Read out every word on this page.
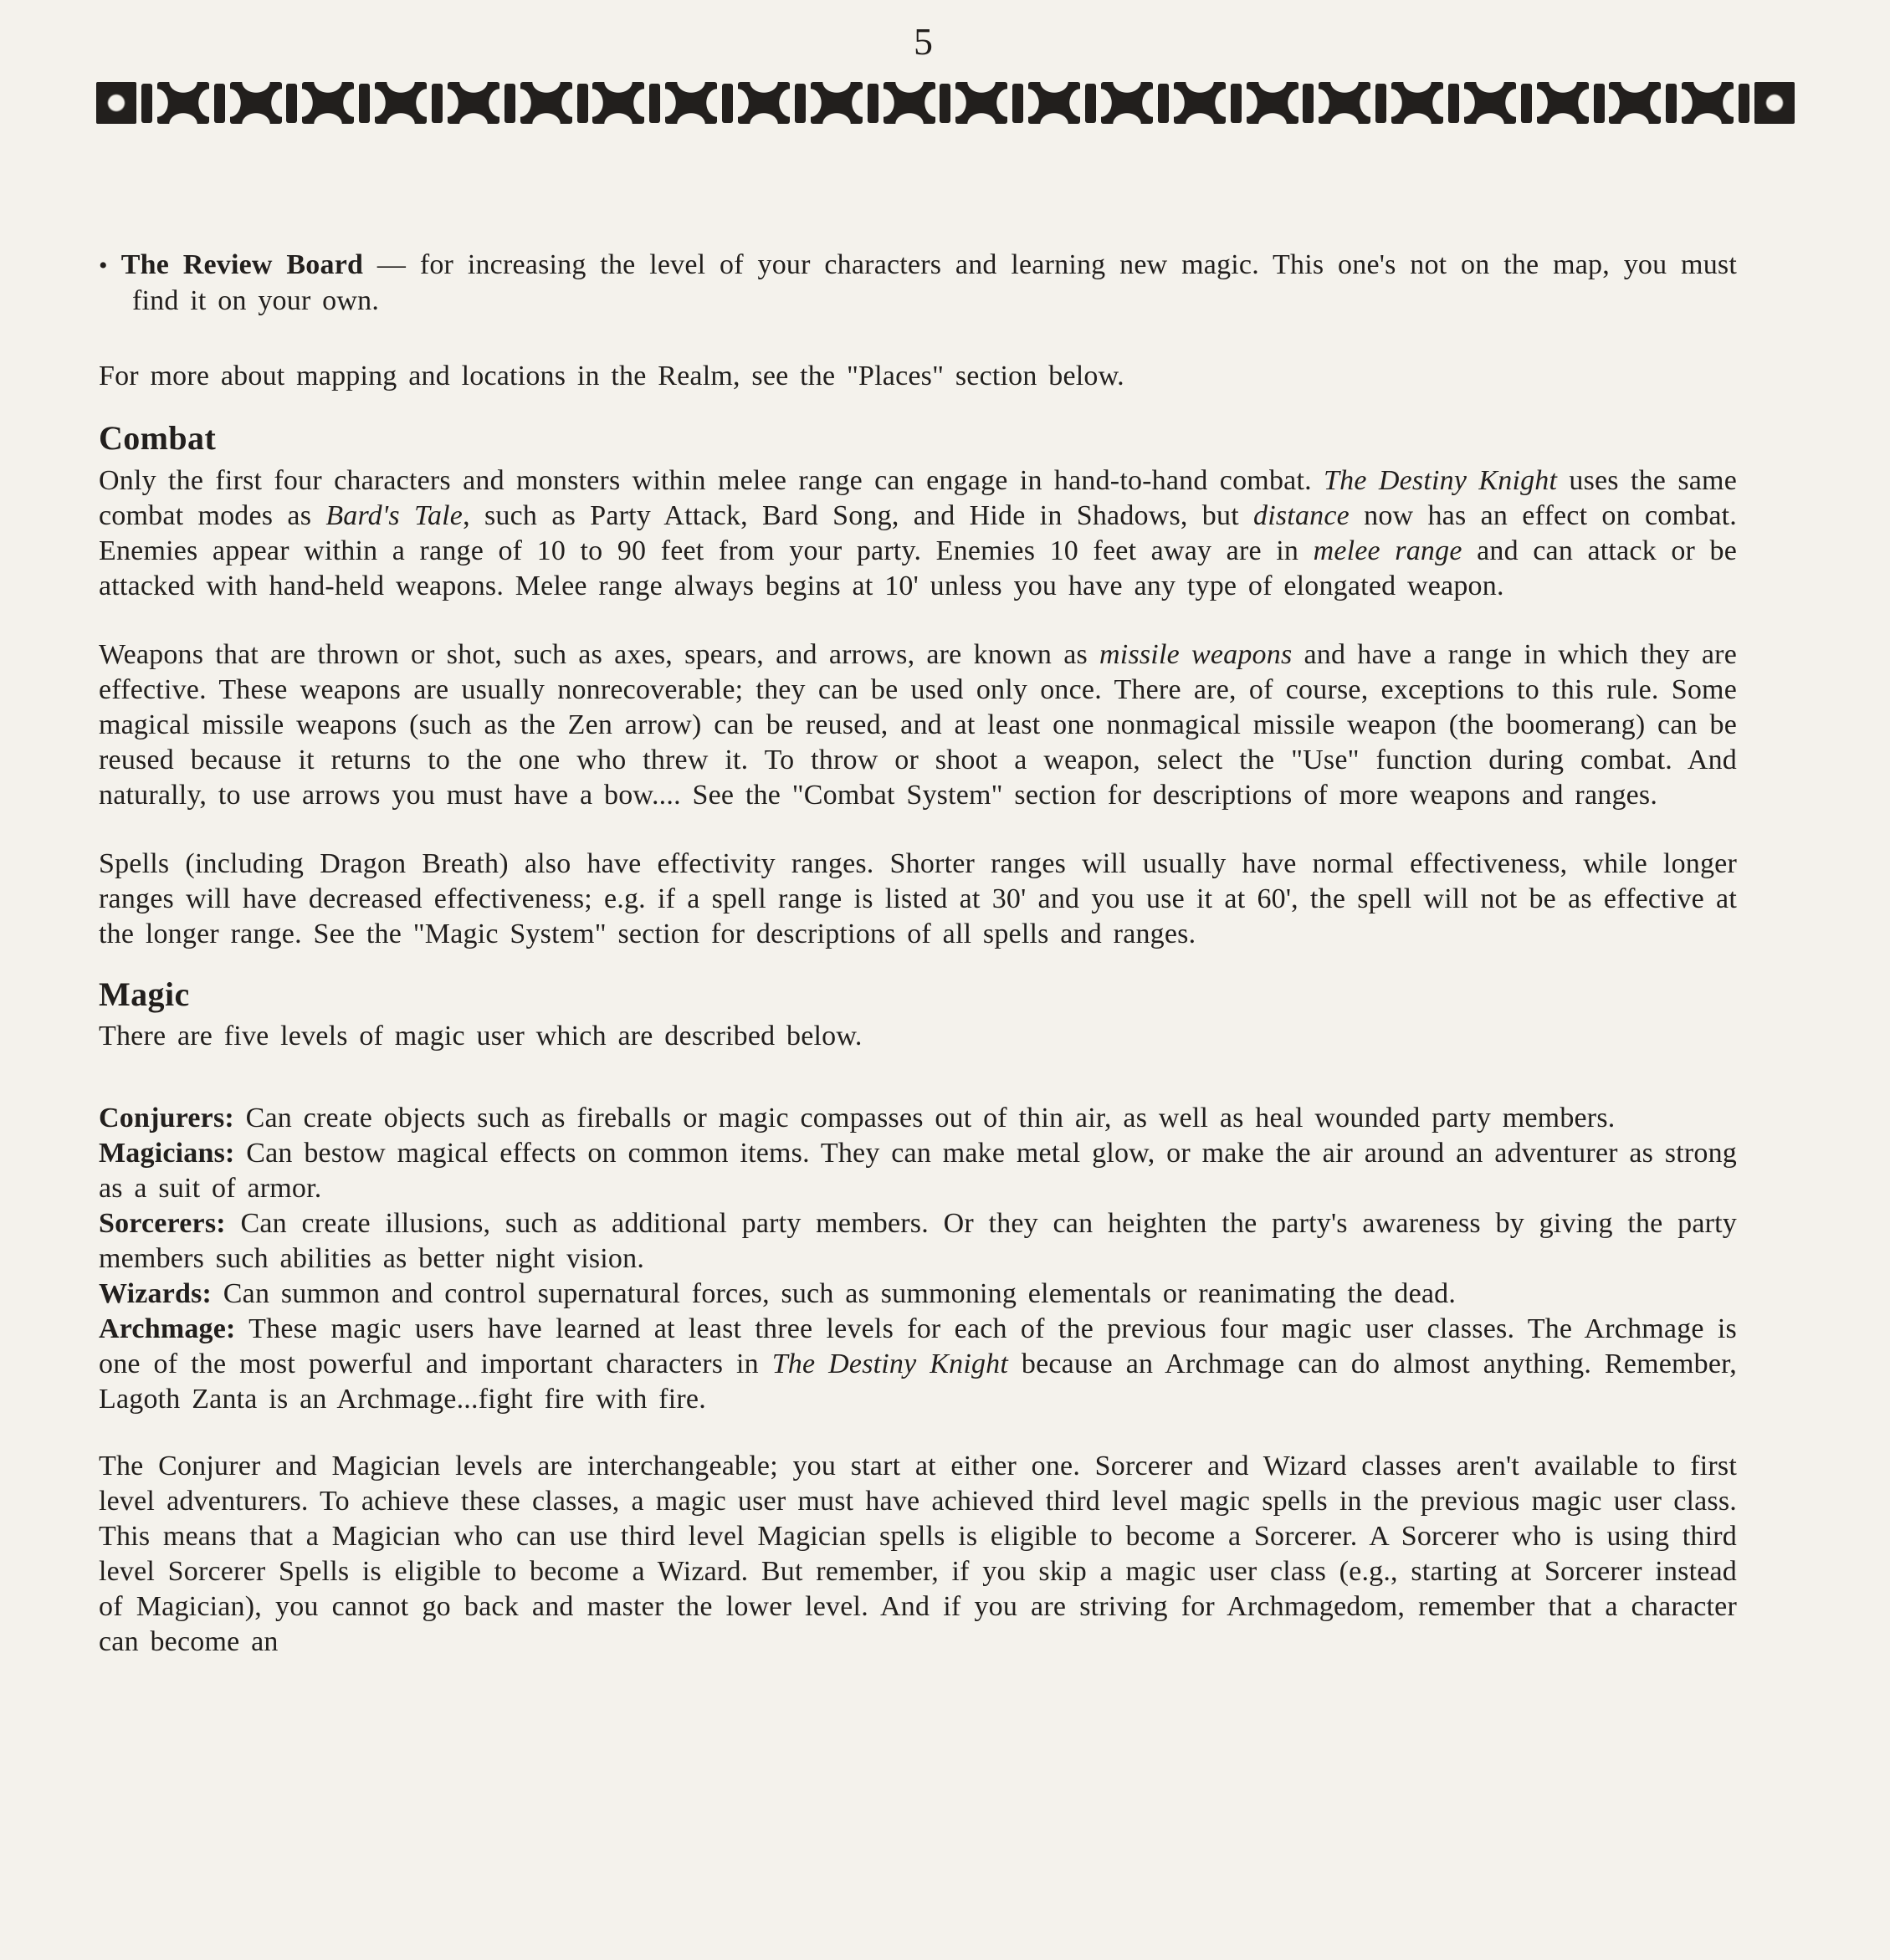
5
• The Review Board — for increasing the level of your characters and learning new magic. This one's not on the map, you must find it on your own.
For more about mapping and locations in the Realm, see the "Places" section below.
Combat
Only the first four characters and monsters within melee range can engage in hand-to-hand combat. The Destiny Knight uses the same combat modes as Bard's Tale, such as Party Attack, Bard Song, and Hide in Shadows, but distance now has an effect on combat. Enemies appear within a range of 10 to 90 feet from your party. Enemies 10 feet away are in melee range and can attack or be attacked with hand-held weapons. Melee range always begins at 10' unless you have any type of elongated weapon.
Weapons that are thrown or shot, such as axes, spears, and arrows, are known as missile weapons and have a range in which they are effective. These weapons are usually nonrecoverable; they can be used only once. There are, of course, exceptions to this rule. Some magical missile weapons (such as the Zen arrow) can be reused, and at least one nonmagical missile weapon (the boomerang) can be reused because it returns to the one who threw it. To throw or shoot a weapon, select the "Use" function during combat. And naturally, to use arrows you must have a bow.... See the "Combat System" section for descriptions of more weapons and ranges.
Spells (including Dragon Breath) also have effectivity ranges. Shorter ranges will usually have normal effectiveness, while longer ranges will have decreased effectiveness; e.g. if a spell range is listed at 30' and you use it at 60', the spell will not be as effective at the longer range. See the "Magic System" section for descriptions of all spells and ranges.
Magic
There are five levels of magic user which are described below.
Conjurers: Can create objects such as fireballs or magic compasses out of thin air, as well as heal wounded party members.
Magicians: Can bestow magical effects on common items. They can make metal glow, or make the air around an adventurer as strong as a suit of armor.
Sorcerers: Can create illusions, such as additional party members. Or they can heighten the party's awareness by giving the party members such abilities as better night vision.
Wizards: Can summon and control supernatural forces, such as summoning elementals or reanimating the dead.
Archmage: These magic users have learned at least three levels for each of the previous four magic user classes. The Archmage is one of the most powerful and important characters in The Destiny Knight because an Archmage can do almost anything. Remember, Lagoth Zanta is an Archmage...fight fire with fire.
The Conjurer and Magician levels are interchangeable; you start at either one. Sorcerer and Wizard classes aren't available to first level adventurers. To achieve these classes, a magic user must have achieved third level magic spells in the previous magic user class. This means that a Magician who can use third level Magician spells is eligible to become a Sorcerer. A Sorcerer who is using third level Sorcerer Spells is eligible to become a Wizard. But remember, if you skip a magic user class (e.g., starting at Sorcerer instead of Magician), you cannot go back and master the lower level. And if you are striving for Archmagedom, remember that a character can become an
